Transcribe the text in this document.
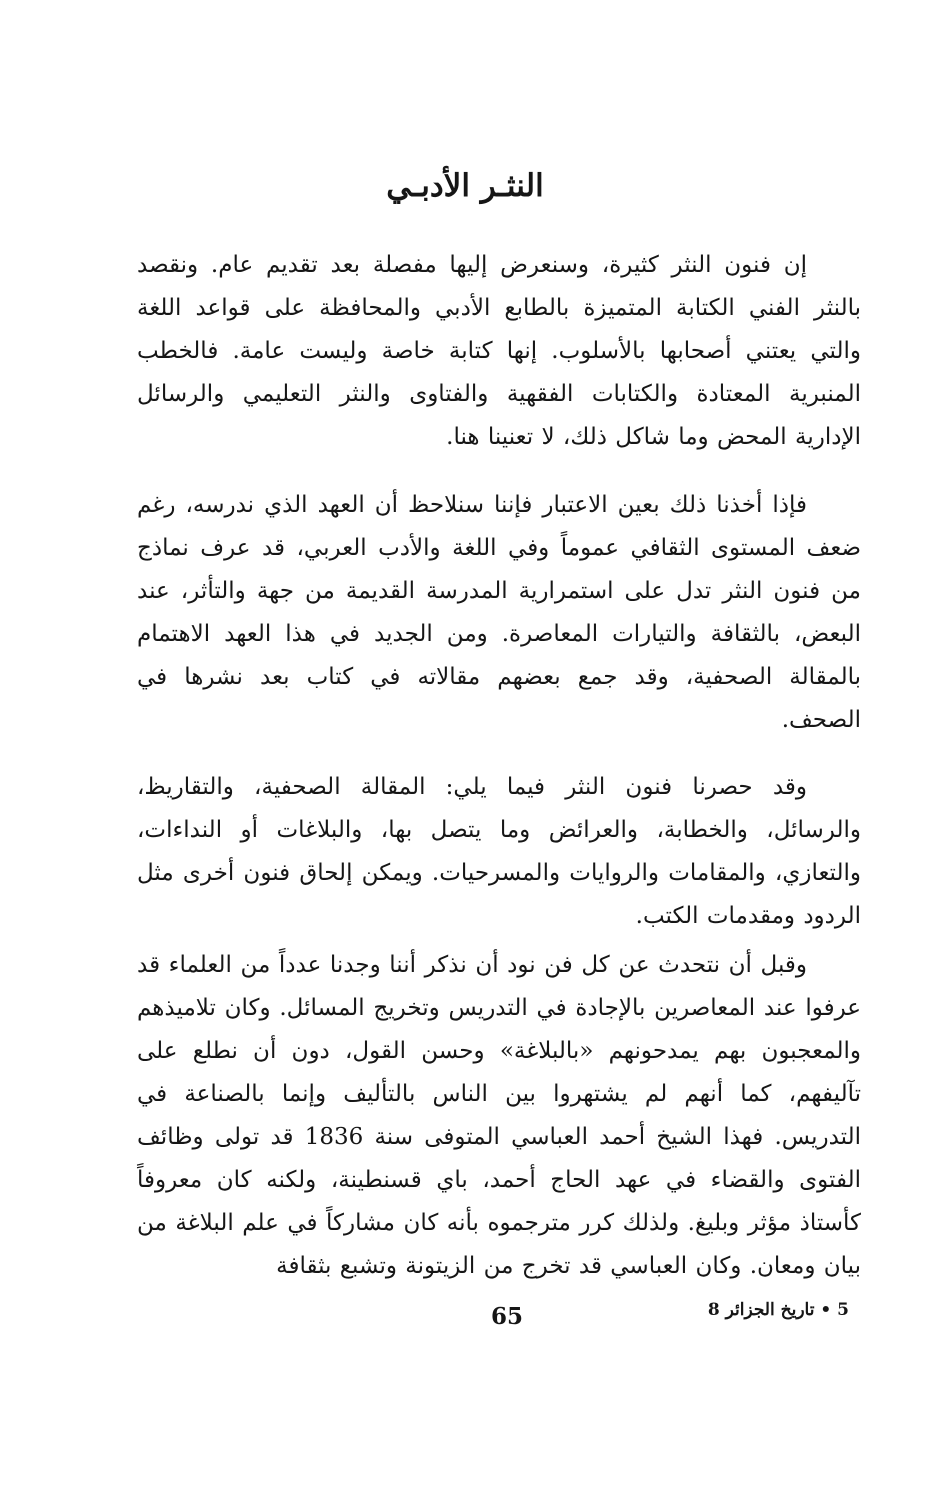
النثـر الأدبـي

إن فنون النثر كثيرة، وسنعرض إليها مفصلة بعد تقديم عام. ونقصد بالنثر الفني الكتابة المتميزة بالطابع الأدبي والمحافظة على قواعد اللغة والتي يعتني أصحابها بالأسلوب. إنها كتابة خاصة وليست عامة. فالخطب المنبرية المعتادة والكتابات الفقهية والفتاوى والنثر التعليمي والرسائل الإدارية المحض وما شاكل ذلك، لا تعنينا هنا.

فإذا أخذنا ذلك بعين الاعتبار فإننا سنلاحظ أن العهد الذي ندرسه، رغم ضعف المستوى الثقافي عموماً وفي اللغة والأدب العربي، قد عرف نماذج من فنون النثر تدل على استمرارية المدرسة القديمة من جهة والتأثر، عند البعض، بالثقافة والتيارات المعاصرة. ومن الجديد في هذا العهد الاهتمام بالمقالة الصحفية، وقد جمع بعضهم مقالاته في كتاب بعد نشرها في الصحف.

وقد حصرنا فنون النثر فيما يلي: المقالة الصحفية، والتقاريظ، والرسائل، والخطابة، والعرائض وما يتصل بها، والبلاغات أو النداءات، والتعازي، والمقامات والروايات والمسرحيات. ويمكن إلحاق فنون أخرى مثل الردود ومقدمات الكتب.

وقبل أن نتحدث عن كل فن نود أن نذكر أننا وجدنا عدداً من العلماء قد عرفوا عند المعاصرين بالإجادة في التدريس وتخريج المسائل. وكان تلاميذهم والمعجبون بهم يمدحونهم «بالبلاغة» وحسن القول، دون أن نطلع على تآليفهم، كما أنهم لم يشتهروا بين الناس بالتأليف وإنما بالصناعة في التدريس. فهذا الشيخ أحمد العباسي المتوفى سنة 1836 قد تولى وظائف الفتوى والقضاء في عهد الحاج أحمد، باي قسنطينة، ولكنه كان معروفاً كأستاذ مؤثر وبليغ. ولذلك كرر مترجموه بأنه كان مشاركاً في علم البلاغة من بيان ومعان. وكان العباسي قد تخرج من الزيتونة وتشبع بثقافة

65	5 • تاريخ الجزائر 8
